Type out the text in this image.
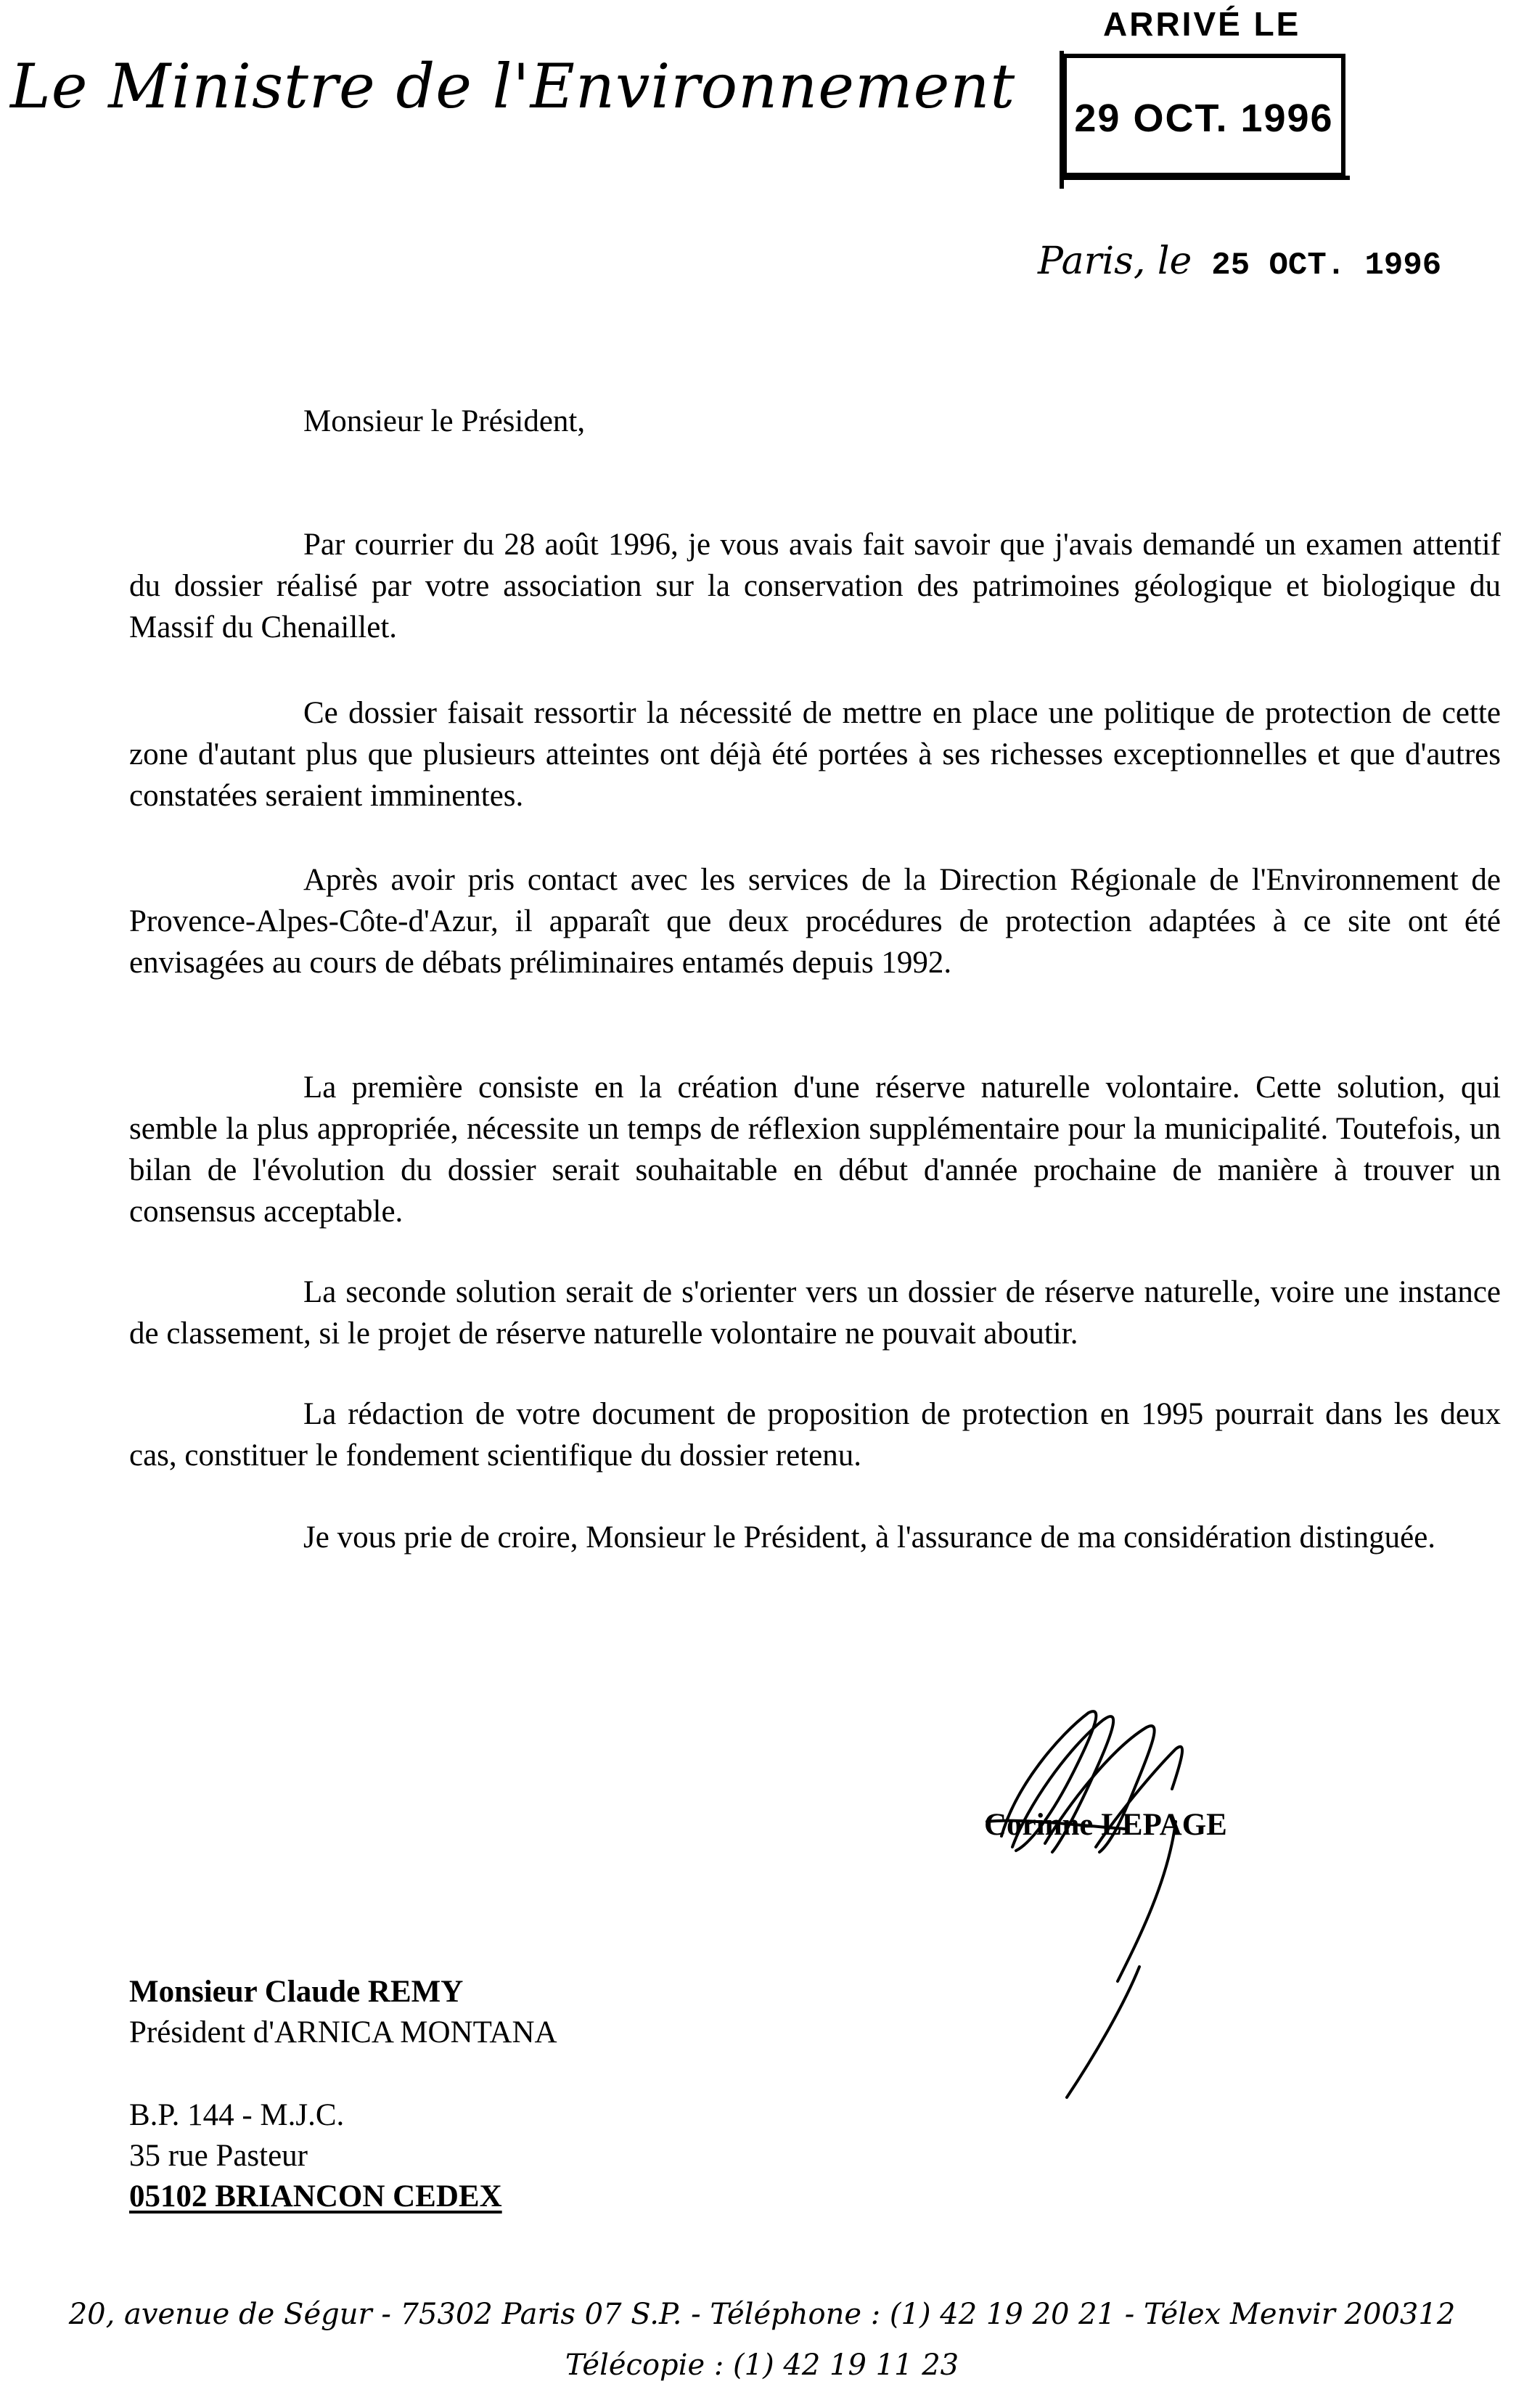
Le Ministre de l'Environnement
ARRIVÉ LE
29 OCT. 1996
Paris, le 25 OCT. 1996
Monsieur le Président,
Par courrier du 28 août 1996, je vous avais fait savoir que j'avais demandé un examen attentif du dossier réalisé par votre association sur la conservation des patrimoines géologique et biologique du Massif du Chenaillet.
Ce dossier faisait ressortir la nécessité de mettre en place une politique de protection de cette zone d'autant plus que plusieurs atteintes ont déjà été portées à ses richesses exceptionnelles et que d'autres constatées seraient imminentes.
Après avoir pris contact avec les services de la Direction Régionale de l'Environnement de Provence-Alpes-Côte-d'Azur, il apparaît que deux procédures de protection adaptées à ce site ont été envisagées au cours de débats préliminaires entamés depuis 1992.
La première consiste en la création d'une réserve naturelle volontaire. Cette solution, qui semble la plus appropriée, nécessite un temps de réflexion supplémentaire pour la municipalité. Toutefois, un bilan de l'évolution du dossier serait souhaitable en début d'année prochaine de manière à trouver un consensus acceptable.
La seconde solution serait de s'orienter vers un dossier de réserve naturelle, voire une instance de classement, si le projet de réserve naturelle volontaire ne pouvait aboutir.
La rédaction de votre document de proposition de protection en 1995 pourrait dans les deux cas, constituer le fondement scientifique du dossier retenu.
Je vous prie de croire, Monsieur le Président, à l'assurance de ma considération distinguée.
Corinne LEPAGE
Monsieur Claude REMY
Président d'ARNICA MONTANA
B.P. 144 - M.J.C.
35 rue Pasteur
05102 BRIANCON CEDEX
20, avenue de Ségur - 75302 Paris 07 S.P. - Téléphone : (1) 42 19 20 21 - Télex Menvir 200312
Télécopie : (1) 42 19 11 23
